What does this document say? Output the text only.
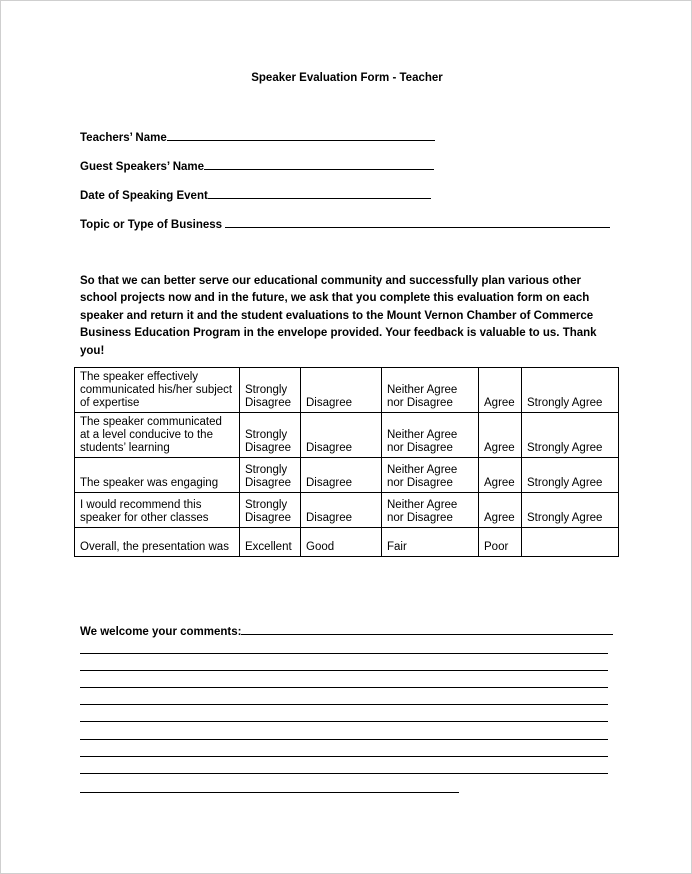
Speaker Evaluation Form - Teacher
Teachers’ Name
Guest Speakers’ Name
Date of Speaking Event
Topic or Type of Business
So that we can better serve our educational community and successfully plan various other school projects now and in the future, we ask that you complete this evaluation form on each speaker and return it and the student evaluations to the Mount Vernon Chamber of Commerce Business Education Program in the envelope provided. Your feedback is valuable to us. Thank you!
The speaker effectively
communicated his/her subject
of expertise	Strongly
Disagree	Disagree	Neither Agree
nor Disagree	Agree	Strongly Agree
The speaker communicated
at a level conducive to the
students’ learning	Strongly
Disagree	Disagree	Neither Agree
nor Disagree	Agree	Strongly Agree
The speaker was engaging	Strongly
Disagree	Disagree	Neither Agree
nor Disagree	Agree	Strongly Agree
I would recommend this
speaker for other classes	Strongly
Disagree	Disagree	Neither Agree
nor Disagree	Agree	Strongly Agree
Overall, the presentation was	Excellent	Good	Fair	Poor	
We welcome your comments:
